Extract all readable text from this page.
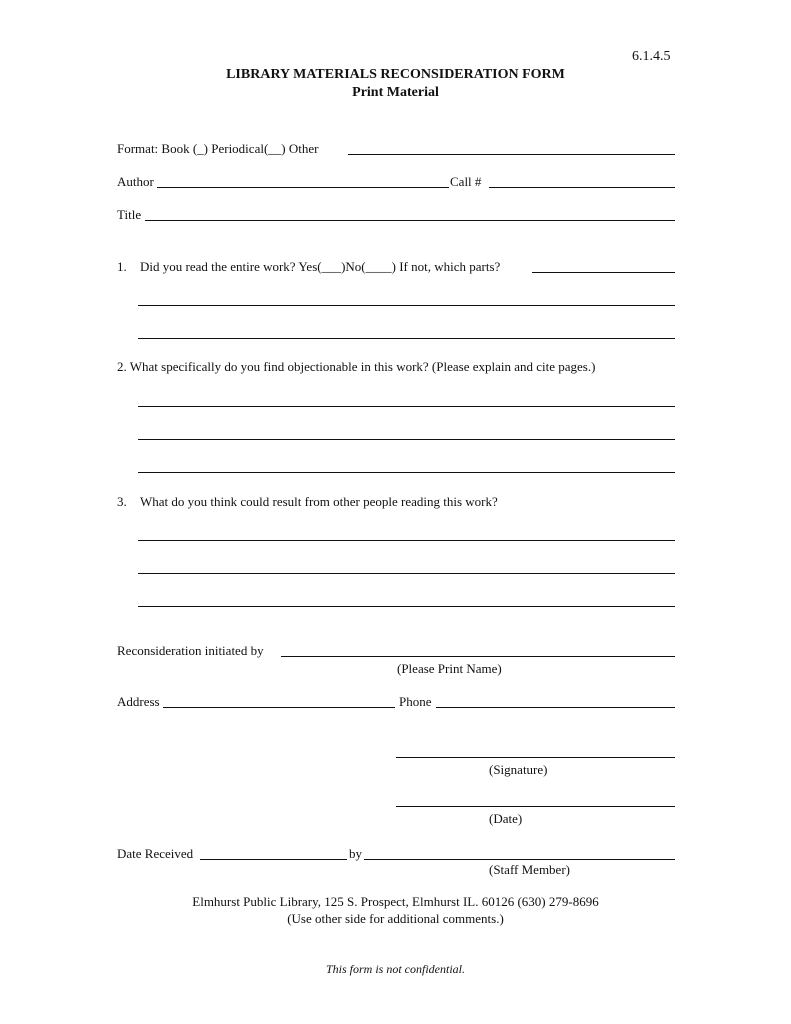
6.1.4.5
LIBRARY MATERIALS RECONSIDERATION FORM
Print Material
Format: Book (_) Periodical(__) Other
Author	Call #
Title
1. Did you read the entire work? Yes(___)No(____) If not, which parts?
2. What specifically do you find objectionable in this work? (Please explain and cite pages.)
3. What do you think could result from other people reading this work?
Reconsideration initiated by
(Please Print Name)
Address	Phone
(Signature)
(Date)
Date Received	by
(Staff Member)
Elmhurst Public Library, 125 S. Prospect, Elmhurst IL. 60126 (630) 279-8696
(Use other side for additional comments.)
This form is not confidential.
